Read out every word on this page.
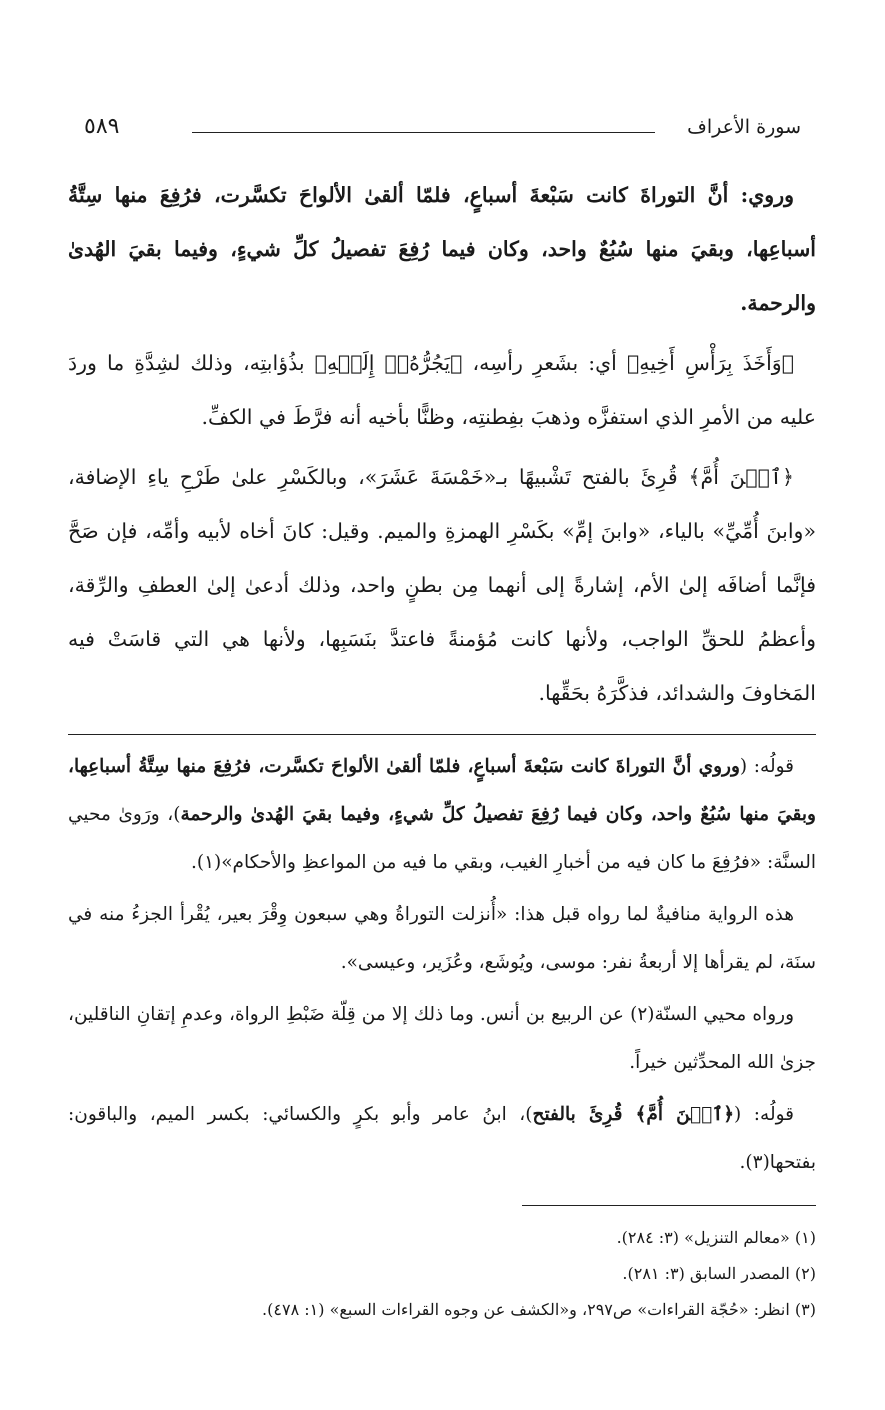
سورة الأعراف
٥٨٩

وروي: أنَّ التوراةَ كانت سَبْعةَ أسباعٍ، فلمّا ألقىٰ الألواحَ تكسَّرت، فرُفِعَ منها سِتَّةُ أسباعِها، وبقيَ منها سُبُعٌ واحد، وكان فيما رُفِعَ تفصيلُ كلِّ شيءٍ، وفيما بقيَ الهُدىٰ والرحمة.

﴿وَأَخَذَ بِرَأْسِ أَخِيهِ﴾ أي: بشَعرِ رأسِه، ﴿يَجُرُّهُۥٓ إِلَيۡهِ﴾ بذُؤابتِه، وذلك لشِدَّةِ ما وردَ عليه من الأمرِ الذي استفزَّه وذهبَ بفِطنتِه، وظنًّا بأخيه أنه فرَّطَ في الكفِّ.

﴿ٱبۡنَ أُمَّ﴾ قُرِئَ بالفتح تَشْبيهًا بـ«خَمْسَةَ عَشَرَ»، وبالكَسْرِ علىٰ طَرْحِ ياءِ الإضافة، «وابنَ أُمِّيِّ» بالياء، «وابنَ إمِّ» بكَسْرِ الهمزةِ والميم. وقيل: كانَ أخاه لأبيه وأمِّه، فإن صَحَّ فإنَّما أضافَه إلىٰ الأم، إشارةً إلى أنهما مِن بطنٍ واحد، وذلك أدعىٰ إلىٰ العطفِ والرِّقة، وأعظمُ للحقِّ الواجب، ولأنها كانت مُؤمنةً فاعتدَّ بنَسَبِها، ولأنها هي التي قاسَتْ فيه المَخاوفَ والشدائد، فذكَّرَهُ بحَقِّها.

قولُه: (وروي أنَّ التوراةَ كانت سَبْعةَ أسباعٍ، فلمّا ألقىٰ الألواحَ تكسَّرت، فرُفِعَ منها سِتَّةُ أسباعِها، وبقيَ منها سُبُعٌ واحد، وكان فيما رُفِعَ تفصيلُ كلِّ شيءٍ، وفيما بقيَ الهُدىٰ والرحمة)، ورَوىٰ محيي السنَّة: «فرُفِعَ ما كان فيه من أخبارِ الغيب، وبقي ما فيه من المواعظِ والأحكام»(١).

هذه الرواية منافيةٌ لما رواه قبل هذا: «أُنزلت التوراةُ وهي سبعون وِقْرَ بعير، يُقْرأ الجزءُ منه في سنَة، لم يقرأها إلا أربعةُ نفر: موسى، ويُوشَع، وعُزَير، وعيسى».

ورواه محيي السنّة(٢) عن الربيع بن أنس. وما ذلك إلا من قِلّة ضَبْطِ الرواة، وعدمِ إتقانِ الناقلين، جزىٰ الله المحدِّثين خيراً.

قولُه: (﴿ٱبۡنَ أُمَّ﴾ قُرِئَ بالفتح)، ابنُ عامر وأبو بكرٍ والكسائي: بكسر الميم، والباقون: بفتحها(٣).

(١) «معالم التنزيل» (٣: ٢٨٤).

(٢) المصدر السابق (٣: ٢٨١).

(٣) انظر: «حُجّة القراءات» ص٢٩٧، و«الكشف عن وجوه القراءات السبع» (١: ٤٧٨).
